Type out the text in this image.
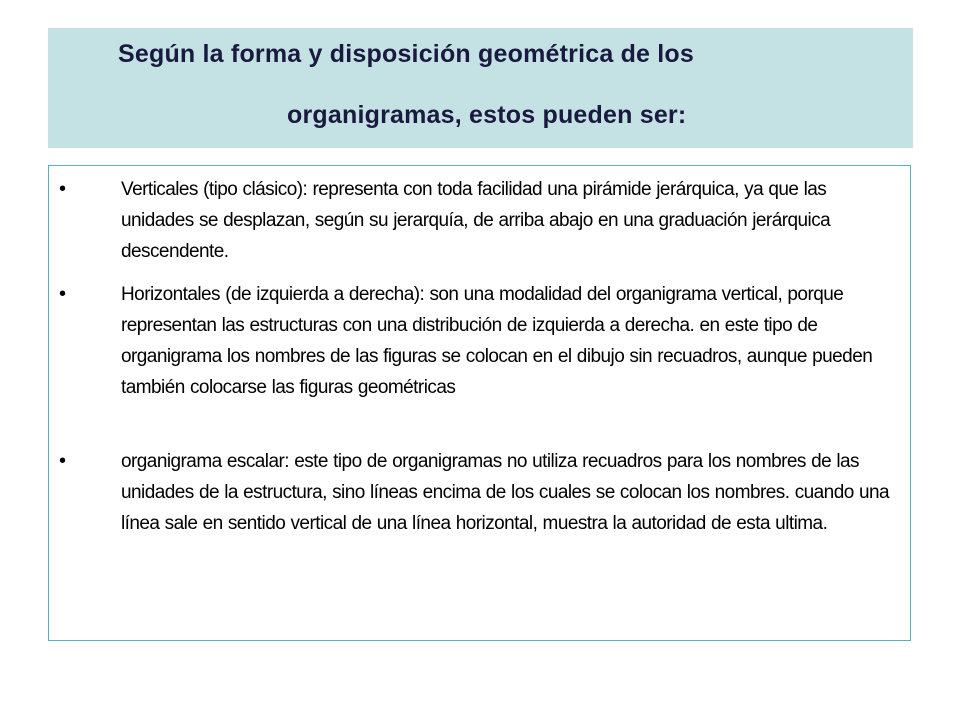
Según la forma y disposición geométrica de los
organigramas, estos pueden ser:
•	Verticales (tipo clásico): representa con toda facilidad una pirámide jerárquica, ya que las unidades se desplazan, según su jerarquía, de arriba abajo en una graduación jerárquica descendente.

•	Horizontales (de izquierda a derecha): son una modalidad del organigrama vertical, porque representan las estructuras con una distribución de izquierda a derecha. en este tipo de organigrama los nombres de las figuras se colocan en el dibujo sin recuadros, aunque pueden también colocarse las figuras geométricas

•	organigrama escalar: este tipo de organigramas no utiliza recuadros para los nombres de las unidades de la estructura, sino líneas encima de los cuales se colocan los nombres. cuando una línea sale en sentido vertical de una línea horizontal, muestra la autoridad de esta ultima.
